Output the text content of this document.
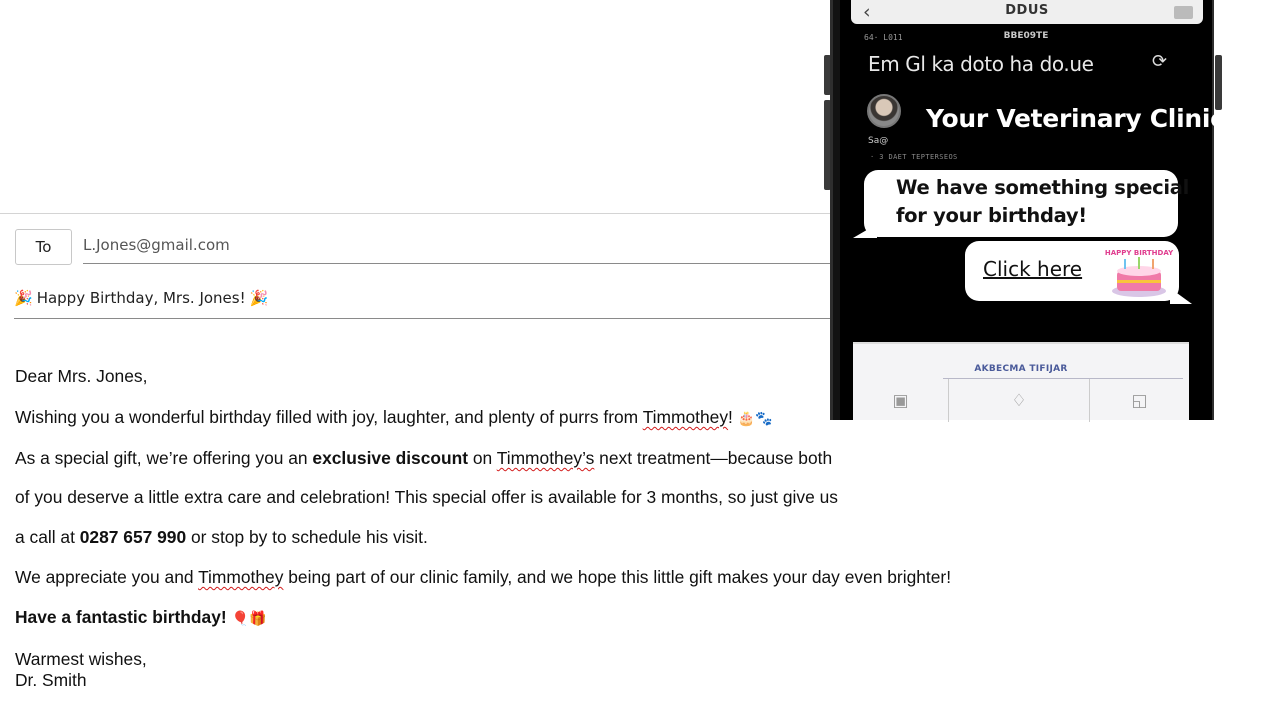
To	L.Jones@gmail.com
🎉 Happy Birthday, Mrs. Jones! 🎉
Dear Mrs. Jones,
Wishing you a wonderful birthday filled with joy, laughter, and plenty of purrs from Timmothey! 🎂🐾
As a special gift, we’re offering you an exclusive discount on Timmothey’s next treatment—because both
of you deserve a little extra care and celebration! This special offer is available for 3 months, so just give us
a call at 0287 657 990 or stop by to schedule his visit.
We appreciate you and Timmothey being part of our clinic family, and we hope this little gift makes your day even brighter!
Have a fantastic birthday! 🎈🎁
Warmest wishes,
Dr. Smith
‹	DDUS
64· L011	BBE09TE
Em Gl ka doto ha do.ue	⟳
Sa@
· 3 DAET TEPTERSEOS
Your Veterinary Clinic
We have something special
for your birthday!
Click here
HAPPY BIRTHDAY
AKBECMA TIFIJAR
▣	♢	◱
